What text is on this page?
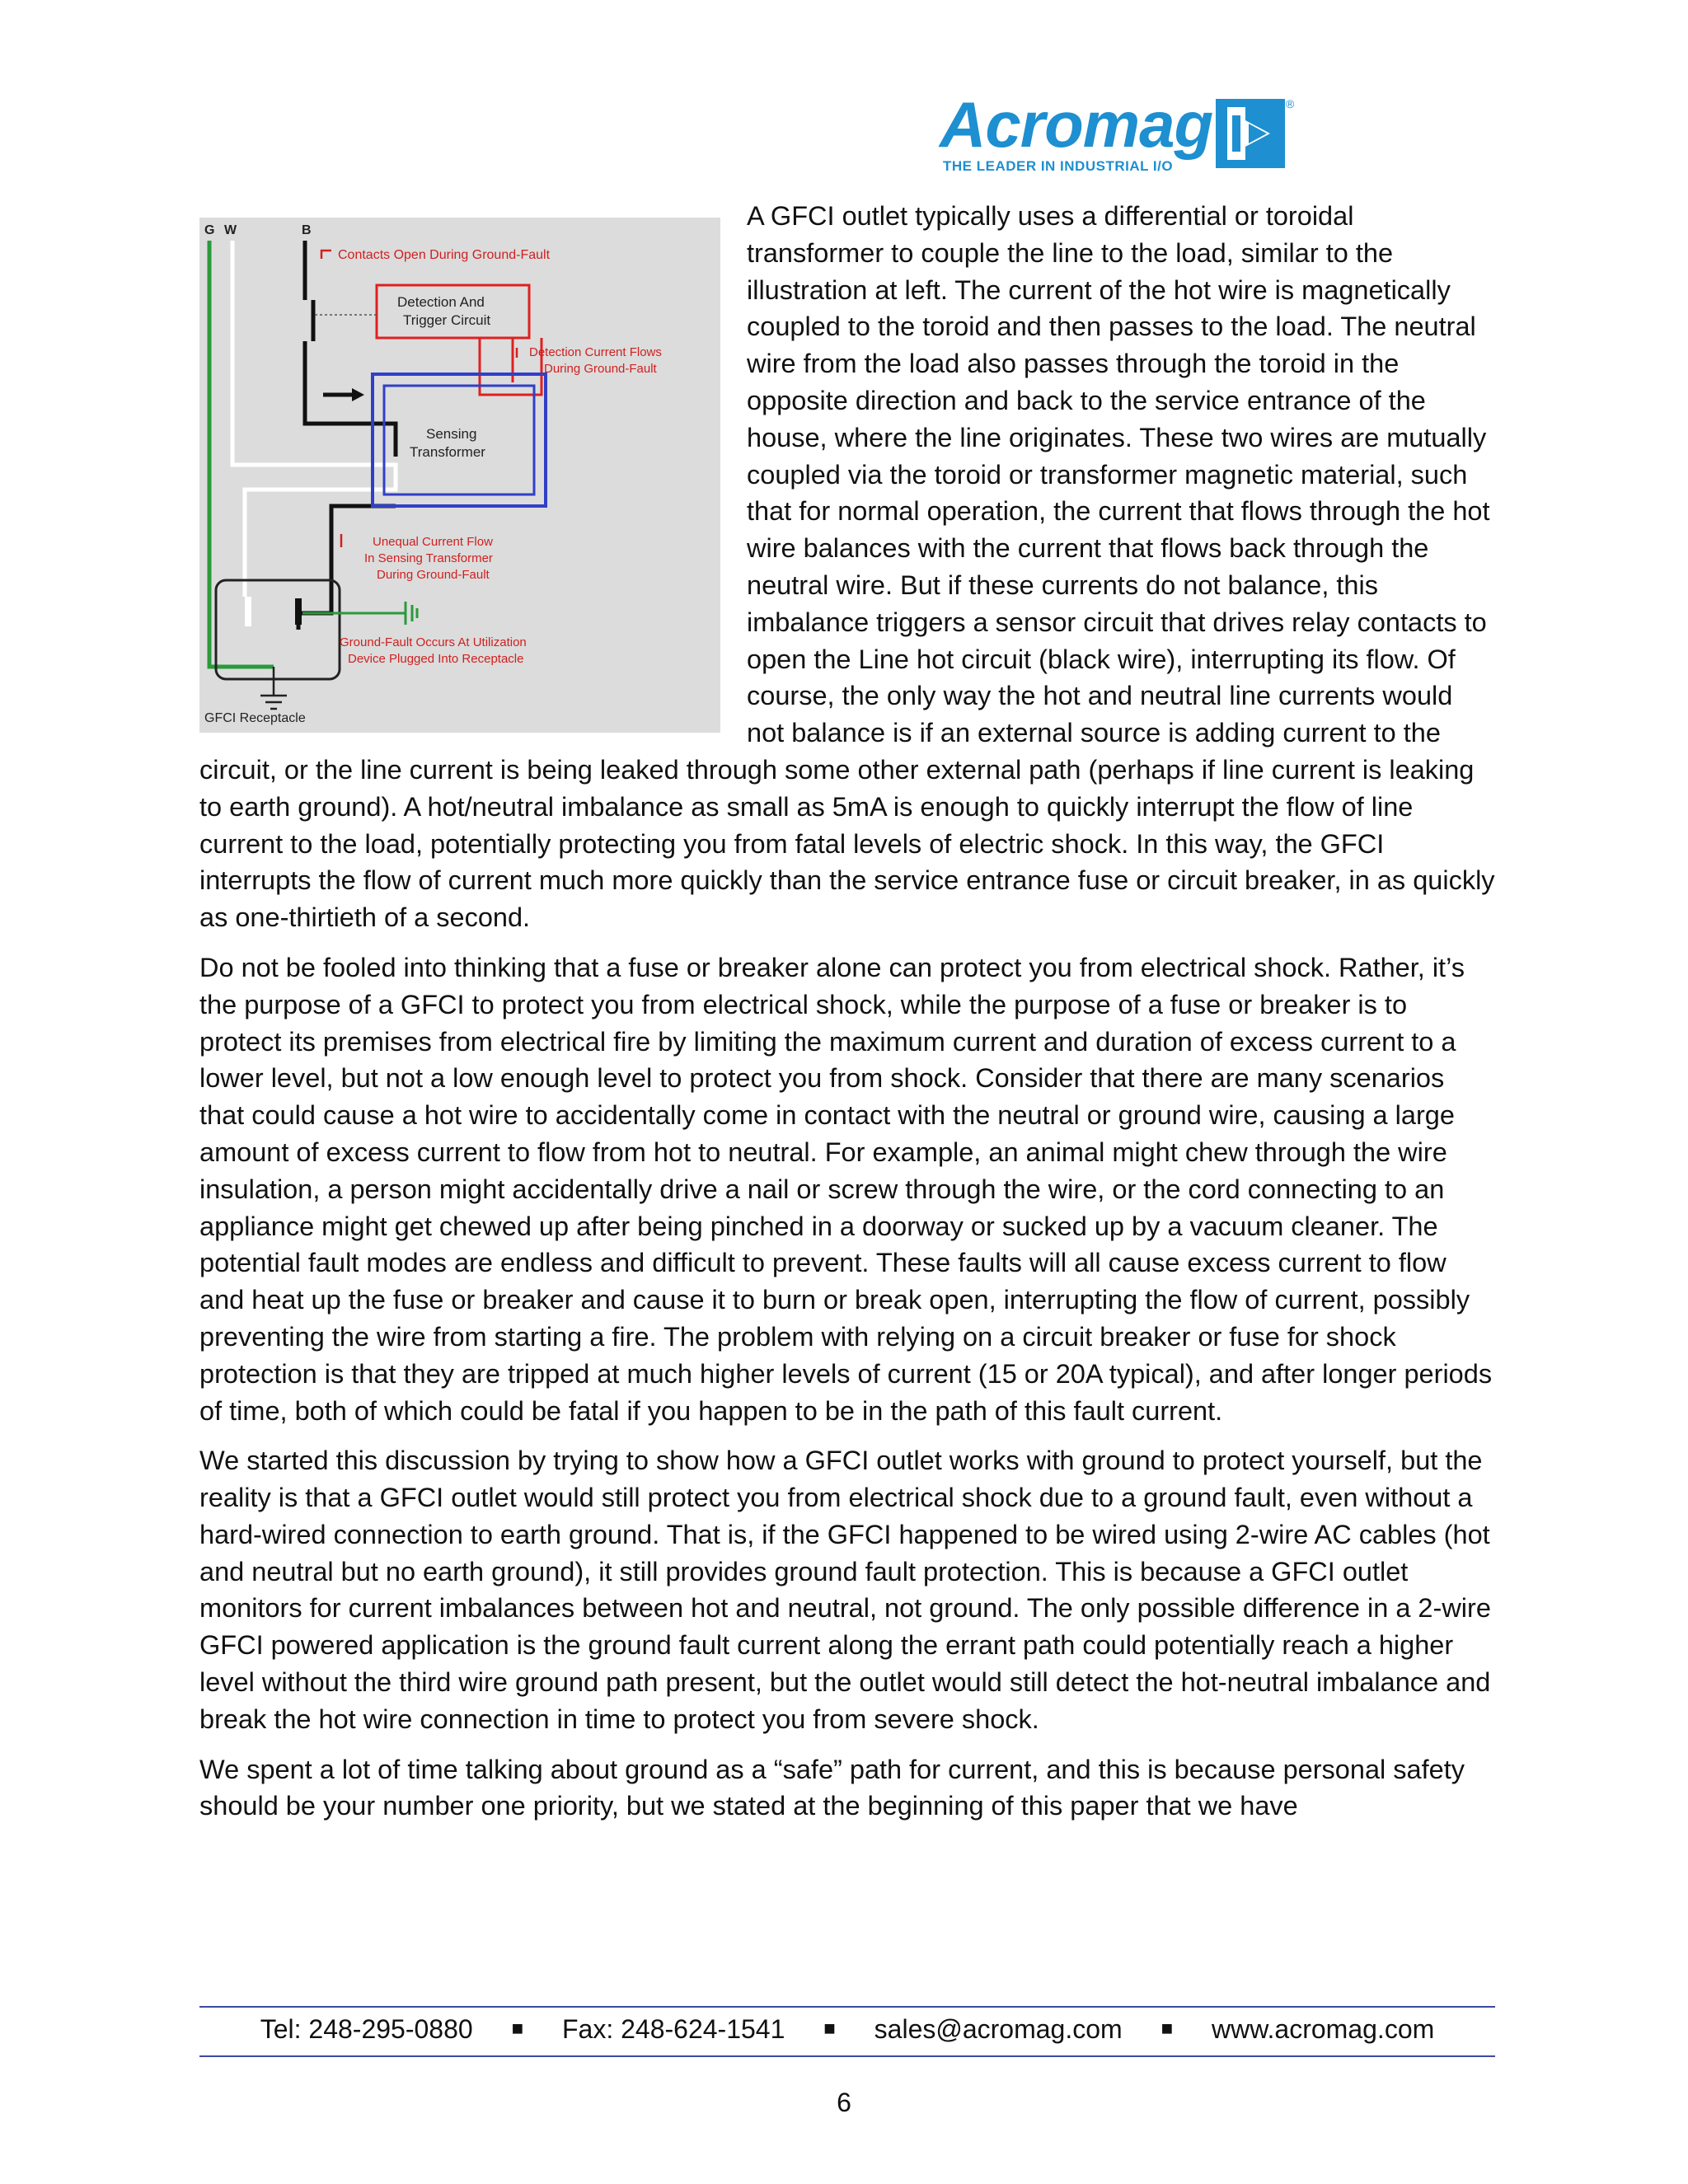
Acromag	®
THE LEADER IN INDUSTRIAL I/O
G W	B
Contacts Open During Ground-Fault
Detection And
Trigger Circuit
Detection Current Flows
During Ground-Fault
Sensing
Transformer
Unequal Current Flow
In Sensing Transformer
During Ground-Fault
Ground-Fault Occurs At Utilization
Device Plugged Into Receptacle
GFCI Receptacle

A GFCI outlet typically uses a differential or toroidal transformer to couple the line to the load, similar to the illustration at left. The current of the hot wire is magnetically coupled to the toroid and then passes to the load. The neutral wire from the load also passes through the toroid in the opposite direction and back to the service entrance of the house, where the line originates. These two wires are mutually coupled via the toroid or transformer magnetic material, such that for normal operation, the current that flows through the hot wire balances with the current that flows back through the neutral wire. But if these currents do not balance, this imbalance triggers a sensor circuit that drives relay contacts to open the Line hot circuit (black wire), interrupting its flow. Of course, the only way the hot and neutral line currents would not balance is if an external source is adding current to the circuit, or the line current is being leaked through some other external path (perhaps if line current is leaking to earth ground). A hot/neutral imbalance as small as 5mA is enough to quickly interrupt the flow of line current to the load, potentially protecting you from fatal levels of electric shock. In this way, the GFCI interrupts the flow of current much more quickly than the service entrance fuse or circuit breaker, in as quickly as one-thirtieth of a second.

Do not be fooled into thinking that a fuse or breaker alone can protect you from electrical shock. Rather, it’s the purpose of a GFCI to protect you from electrical shock, while the purpose of a fuse or breaker is to protect its premises from electrical fire by limiting the maximum current and duration of excess current to a lower level, but not a low enough level to protect you from shock. Consider that there are many scenarios that could cause a hot wire to accidentally come in contact with the neutral or ground wire, causing a large amount of excess current to flow from hot to neutral. For example, an animal might chew through the wire insulation, a person might accidentally drive a nail or screw through the wire, or the cord connecting to an appliance might get chewed up after being pinched in a doorway or sucked up by a vacuum cleaner. The potential fault modes are endless and difficult to prevent. These faults will all cause excess current to flow and heat up the fuse or breaker and cause it to burn or break open, interrupting the flow of current, possibly preventing the wire from starting a fire. The problem with relying on a circuit breaker or fuse for shock protection is that they are tripped at much higher levels of current (15 or 20A typical), and after longer periods of time, both of which could be fatal if you happen to be in the path of this fault current.

We started this discussion by trying to show how a GFCI outlet works with ground to protect yourself, but the reality is that a GFCI outlet would still protect you from electrical shock due to a ground fault, even without a hard-wired connection to earth ground. That is, if the GFCI happened to be wired using 2-wire AC cables (hot and neutral but no earth ground), it still provides ground fault protection. This is because a GFCI outlet monitors for current imbalances between hot and neutral, not ground. The only possible difference in a 2-wire GFCI powered application is the ground fault current along the errant path could potentially reach a higher level without the third wire ground path present, but the outlet would still detect the hot-neutral imbalance and break the hot wire connection in time to protect you from severe shock.

We spent a lot of time talking about ground as a “safe” path for current, and this is because personal safety should be your number one priority, but we stated at the beginning of this paper that we have

Tel: 248-295-0880 ■ Fax: 248-624-1541 ■ sales@acromag.com ■ www.acromag.com
6
